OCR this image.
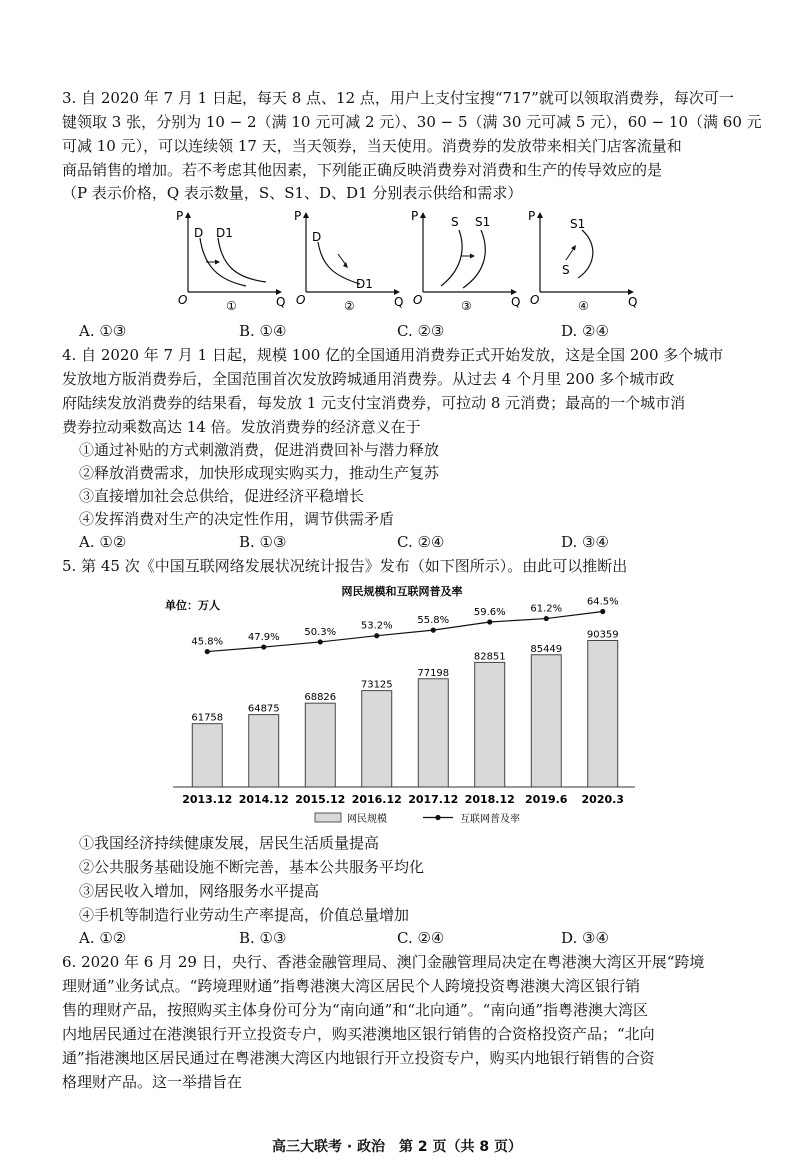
3. 自 2020 年 7 月 1 日起，每天 8 点、12 点，用户上支付宝搜“717”就可以领取消费券，每次可一
键领取 3 张，分别为 10 − 2（满 10 元可减 2 元）、30 − 5（满 30 元可减 5 元），60 − 10（满 60 元
可减 10 元），可以连续领 17 天，当天领券，当天使用。消费券的发放带来相关门店客流量和
商品销售的增加。若不考虑其他因素，下列能正确反映消费券对消费和生产的传导效应的是
（P 表示价格，Q 表示数量，S、S1、D、D1 分别表示供给和需求）
P
Q
O
D D1
①
P
Q
O
D
D1
②
P
Q
O
S S1
③
P
Q
O
S
S1
④
A. ①③	B. ①④	C. ②③	D. ②④
4. 自 2020 年 7 月 1 日起，规模 100 亿的全国通用消费券正式开始发放，这是全国 200 多个城市
发放地方版消费券后，全国范围首次发放跨城通用消费券。从过去 4 个月里 200 多个城市政
府陆续发放消费券的结果看，每发放 1 元支付宝消费券，可拉动 8 元消费；最高的一个城市消
费券拉动乘数高达 14 倍。发放消费券的经济意义在于
①通过补贴的方式刺激消费，促进消费回补与潜力释放
②释放消费需求，加快形成现实购买力，推动生产复苏
③直接增加社会总供给，促进经济平稳增长
④发挥消费对生产的决定性作用，调节供需矛盾
A. ①②	B. ①③	C. ②④	D. ③④
5. 第 45 次《中国互联网络发展状况统计报告》发布（如下图所示）。由此可以推断出
网民规模和互联网普及率
单位：万人
61758
64875
68826
73125
77198
82851
85449
90359
45.8% 47.9% 50.3%
53.2%
55.8%
59.6% 61.2%
64.5%
2013.12 2014.12 2015.12 2016.12 2017.12 2018.12 2019.6 2020.3
网民规模	互联网普及率
①我国经济持续健康发展，居民生活质量提高
②公共服务基础设施不断完善，基本公共服务平均化
③居民收入增加，网络服务水平提高
④手机等制造行业劳动生产率提高，价值总量增加
A. ①②	B. ①③	C. ②④	D. ③④
6. 2020 年 6 月 29 日，央行、香港金融管理局、澳门金融管理局决定在粤港澳大湾区开展“跨境
理财通”业务试点。“跨境理财通”指粤港澳大湾区居民个人跨境投资粤港澳大湾区银行销
售的理财产品，按照购买主体身份可分为“南向通”和“北向通”。“南向通”指粤港澳大湾区
内地居民通过在港澳银行开立投资专户，购买港澳地区银行销售的合资格投资产品；“北向
通”指港澳地区居民通过在粤港澳大湾区内地银行开立投资专户，购买内地银行销售的合资
格理财产品。这一举措旨在
高三大联考 · 政治　第 2 页（共 8 页）
